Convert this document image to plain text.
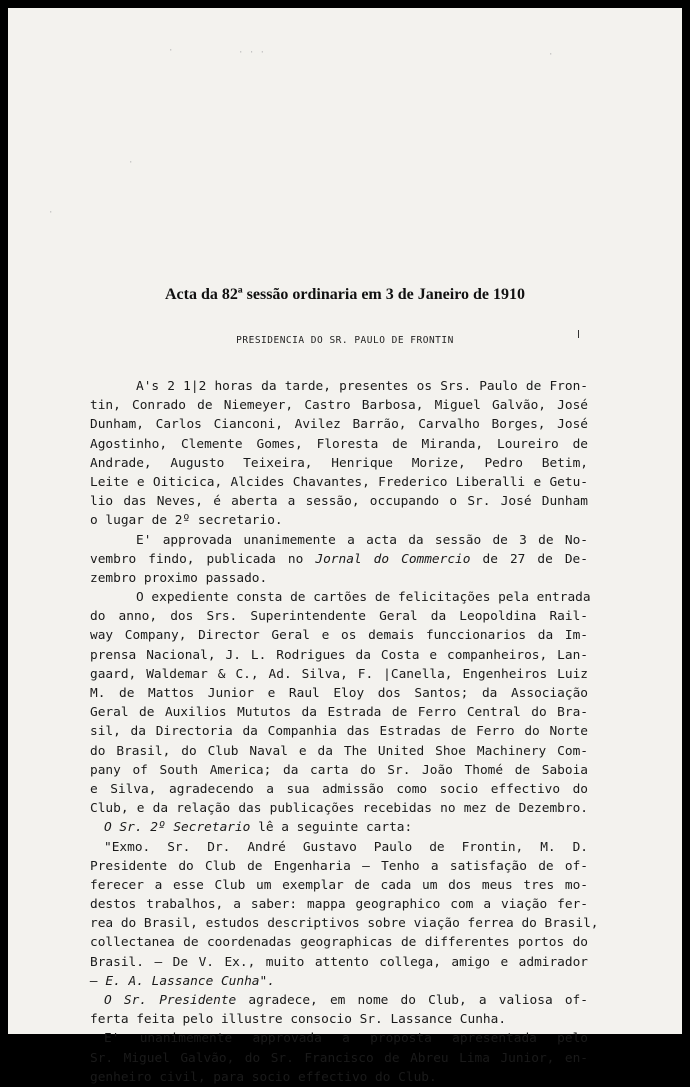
·	· · ·	·
·
·
Acta da 82ª sessão ordinaria em 3 de Janeiro de 1910
PRESIDENCIA DO SR. PAULO DE FRONTIN
A's 2 1|2 horas da tarde, presentes os Srs. Paulo de Fron-
tin, Conrado de Niemeyer, Castro Barbosa, Miguel Galvão, José
Dunham, Carlos Cianconi, Avilez Barrão, Carvalho Borges, José
Agostinho, Clemente Gomes, Floresta de Miranda, Loureiro de
Andrade, Augusto Teixeira, Henrique Morize, Pedro Betim,
Leite e Oiticica, Alcides Chavantes, Frederico Liberalli e Getu-
lio das Neves, é aberta a sessão, occupando o Sr. José Dunham
o lugar de 2º secretario.
E' approvada unanimemente a acta da sessão de 3 de No-
vembro findo, publicada no Jornal do Commercio de 27 de De-
zembro proximo passado.
O expediente consta de cartões de felicitações pela entrada
do anno, dos Srs. Superintendente Geral da Leopoldina Rail-
way Company, Director Geral e os demais funccionarios da Im-
prensa Nacional, J. L. Rodrigues da Costa e companheiros, Lan-
gaard, Waldemar & C., Ad. Silva, F. |Canella, Engenheiros Luiz
M. de Mattos Junior e Raul Eloy dos Santos; da Associação
Geral de Auxilios Mututos da Estrada de Ferro Central do Bra-
sil, da Directoria da Companhia das Estradas de Ferro do Norte
do Brasil, do Club Naval e da The United Shoe Machinery Com-
pany of South America; da carta do Sr. João Thomé de Saboia
e Silva, agradecendo a sua admissão como socio effectivo do
Club, e da relação das publicações recebidas no mez de Dezembro.
O Sr. 2º Secretario lê a seguinte carta:
"Exmo. Sr. Dr. André Gustavo Paulo de Frontin, M. D.
Presidente do Club de Engenharia — Tenho a satisfação de of-
ferecer a esse Club um exemplar de cada um dos meus tres mo-
destos trabalhos, a saber: mappa geographico com a viação fer-
rea do Brasil, estudos descriptivos sobre viação ferrea do Brasil,
collectanea de coordenadas geographicas de differentes portos do
Brasil. — De V. Ex., muito attento collega, amigo e admirador
— E. A. Lassance Cunha".
O Sr. Presidente agradece, em nome do Club, a valiosa of-
ferta feita pelo illustre consocio Sr. Lassance Cunha.
E' unanimemente approvada a proposta apresentada pelo
Sr. Miguel Galvão, do Sr. Francisco de Abreu Lima Junior, en-
genheiro civil, para socio effectivo do Club.
